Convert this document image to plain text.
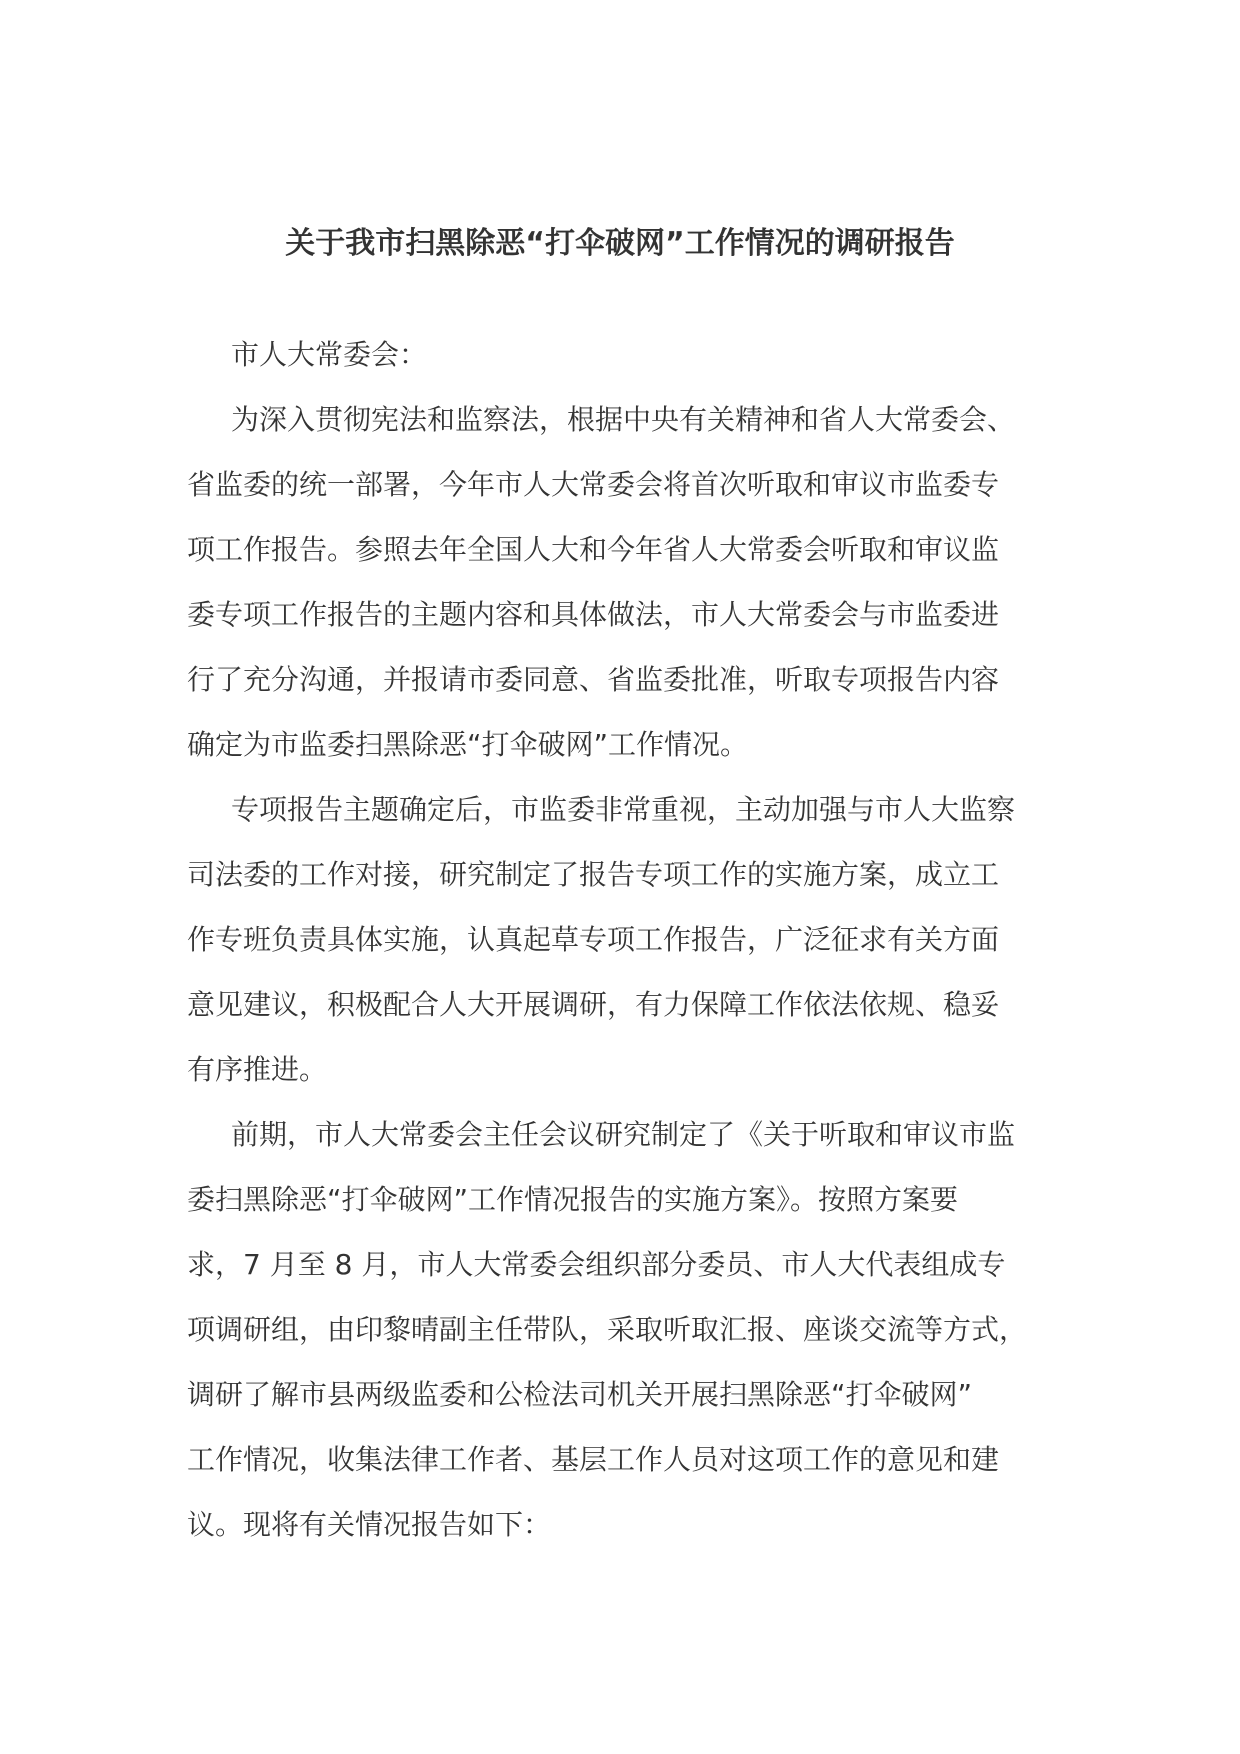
关于我市扫黑除恶“打伞破网”工作情况的调研报告
市人大常委会：
为深入贯彻宪法和监察法，根据中央有关精神和省人大常委会、
省监委的统一部署，今年市人大常委会将首次听取和审议市监委专
项工作报告。参照去年全国人大和今年省人大常委会听取和审议监
委专项工作报告的主题内容和具体做法，市人大常委会与市监委进
行了充分沟通，并报请市委同意、省监委批准，听取专项报告内容
确定为市监委扫黑除恶“打伞破网”工作情况。
专项报告主题确定后，市监委非常重视，主动加强与市人大监察
司法委的工作对接，研究制定了报告专项工作的实施方案，成立工
作专班负责具体实施，认真起草专项工作报告，广泛征求有关方面
意见建议，积极配合人大开展调研，有力保障工作依法依规、稳妥
有序推进。
前期，市人大常委会主任会议研究制定了《关于听取和审议市监
委扫黑除恶“打伞破网”工作情况报告的实施方案》。按照方案要
求，7 月至 8 月，市人大常委会组织部分委员、市人大代表组成专
项调研组，由印黎晴副主任带队，采取听取汇报、座谈交流等方式，
调研了解市县两级监委和公检法司机关开展扫黑除恶“打伞破网”
工作情况，收集法律工作者、基层工作人员对这项工作的意见和建
议。现将有关情况报告如下：
